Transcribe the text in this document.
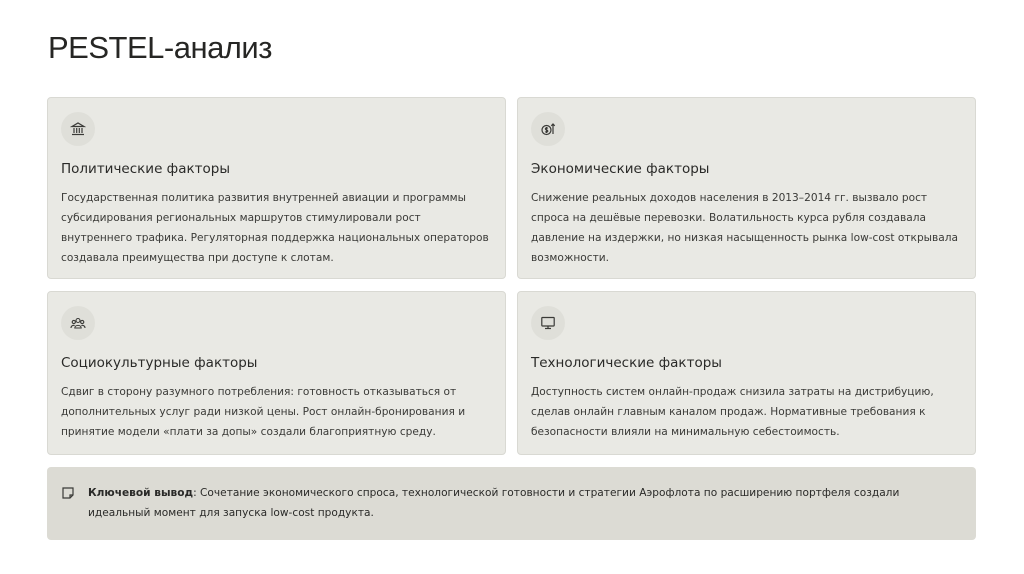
PESTEL-анализ
Политические факторы
Государственная политика развития внутренней авиации и программы субсидирования региональных маршрутов стимулировали рост внутреннего трафика. Регуляторная поддержка национальных операторов создавала преимущества при доступе к слотам.
Экономические факторы
Снижение реальных доходов населения в 2013–2014 гг. вызвало рост спроса на дешёвые перевозки. Волатильность курса рубля создавала давление на издержки, но низкая насыщенность рынка low-cost открывала возможности.
Социокультурные факторы
Сдвиг в сторону разумного потребления: готовность отказываться от дополнительных услуг ради низкой цены. Рост онлайн-бронирования и принятие модели «плати за допы» создали благоприятную среду.
Технологические факторы
Доступность систем онлайн-продаж снизила затраты на дистрибуцию, сделав онлайн главным каналом продаж. Нормативные требования к безопасности влияли на минимальную себестоимость.
Ключевой вывод: Сочетание экономического спроса, технологической готовности и стратегии Аэрофлота по расширению портфеля создали идеальный момент для запуска low-cost продукта.
